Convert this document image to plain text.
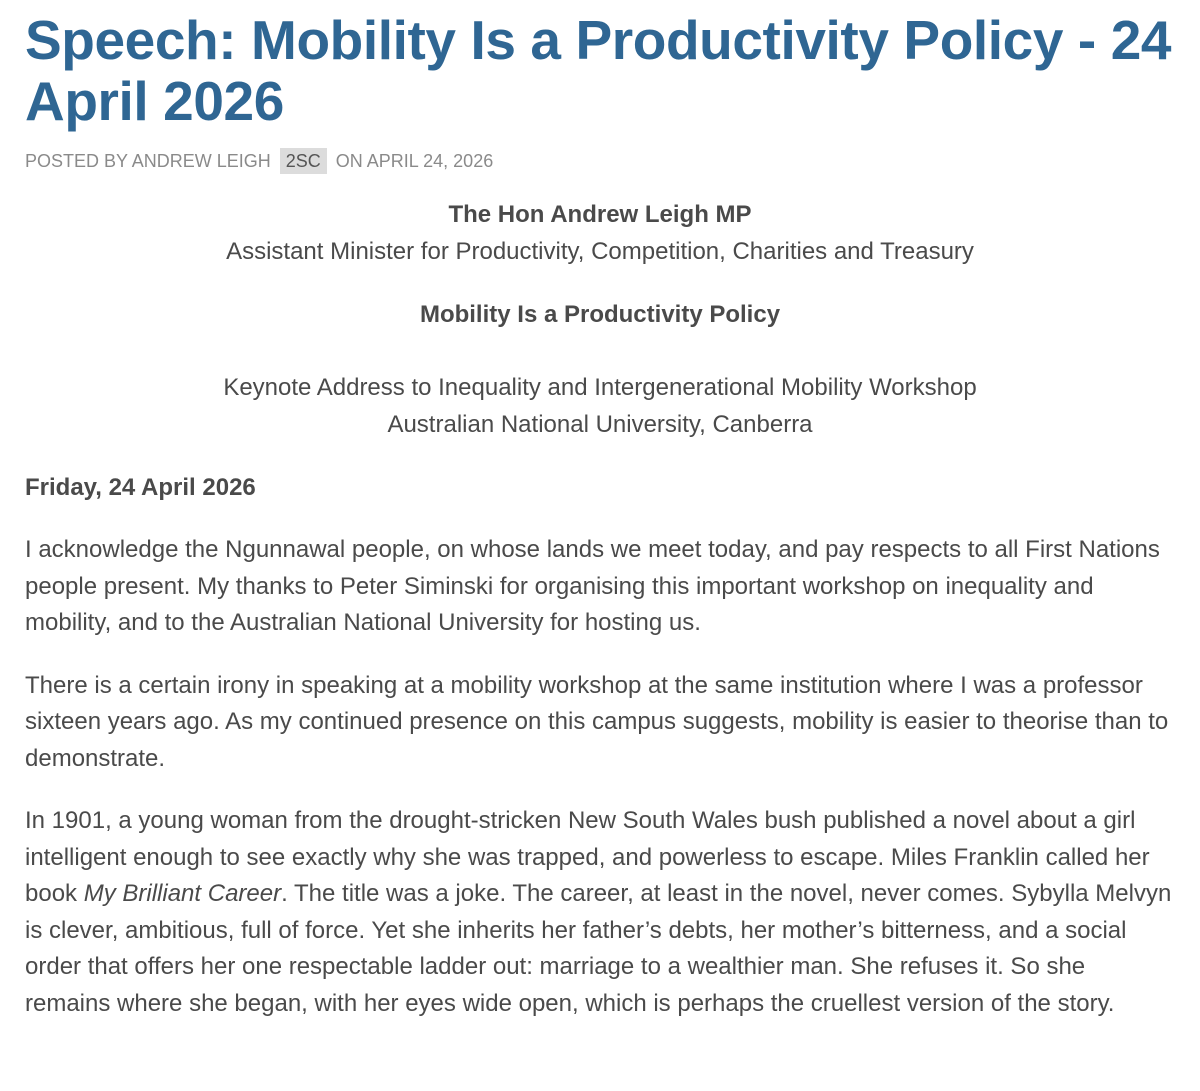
Speech: Mobility Is a Productivity Policy - 24 April 2026
POSTED BY ANDREW LEIGH 2SC ON APRIL 24, 2026
The Hon Andrew Leigh MP
Assistant Minister for Productivity, Competition, Charities and Treasury
Mobility Is a Productivity Policy
Keynote Address to Inequality and Intergenerational Mobility Workshop
Australian National University, Canberra
Friday, 24 April 2026

I acknowledge the Ngunnawal people, on whose lands we meet today, and pay respects to all First Nations people present. My thanks to Peter Siminski for organising this important workshop on inequality and mobility, and to the Australian National University for hosting us.

There is a certain irony in speaking at a mobility workshop at the same institution where I was a professor sixteen years ago. As my continued presence on this campus suggests, mobility is easier to theorise than to demonstrate.

In 1901, a young woman from the drought-stricken New South Wales bush published a novel about a girl intelligent enough to see exactly why she was trapped, and powerless to escape. Miles Franklin called her book My Brilliant Career. The title was a joke. The career, at least in the novel, never comes. Sybylla Melvyn is clever, ambitious, full of force. Yet she inherits her father’s debts, her mother’s bitterness, and a social order that offers her one respectable ladder out: marriage to a wealthier man. She refuses it. So she remains where she began, with her eyes wide open, which is perhaps the cruellest version of the story.
